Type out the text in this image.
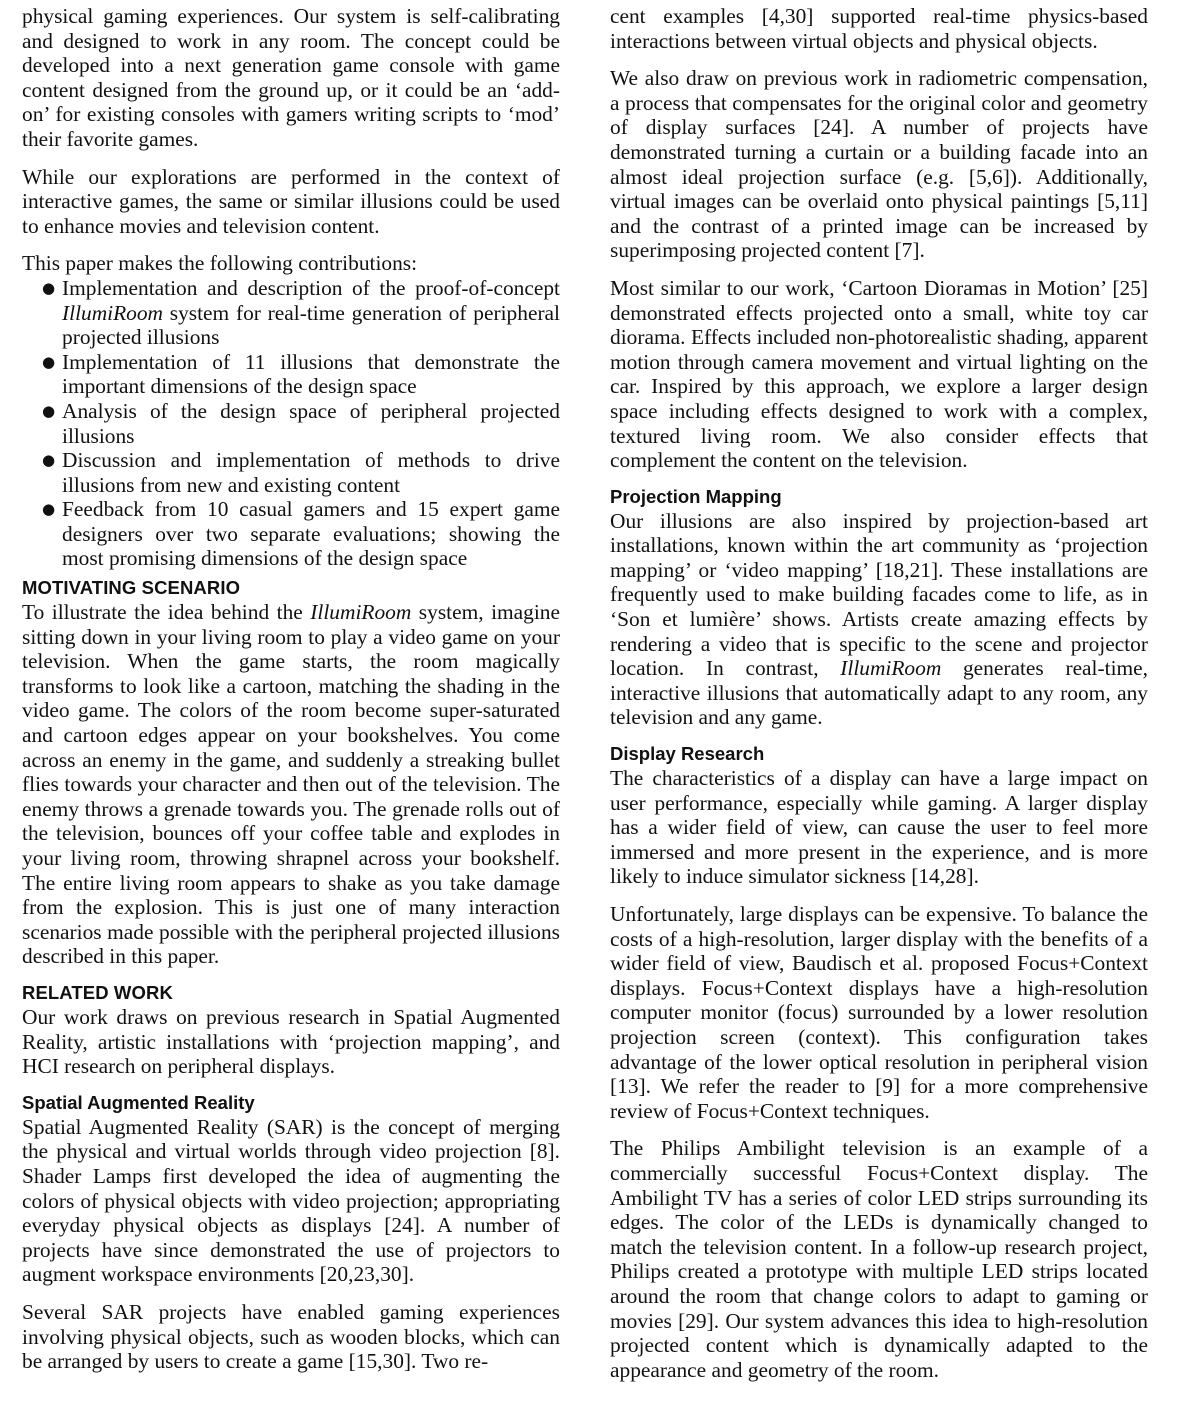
physical gaming experiences. Our system is self-calibrating and designed to work in any room. The concept could be developed into a next generation game console with game content designed from the ground up, or it could be an ‘add-on’ for existing consoles with gamers writing scripts to ‘mod’ their favorite games.

While our explorations are performed in the context of interactive games, the same or similar illusions could be used to enhance movies and television content.

This paper makes the following contributions:

● Implementation and description of the proof-of-concept IllumiRoom system for real-time generation of peripheral projected illusions
● Implementation of 11 illusions that demonstrate the important dimensions of the design space
● Analysis of the design space of peripheral projected illusions
● Discussion and implementation of methods to drive illusions from new and existing content
● Feedback from 10 casual gamers and 15 expert game designers over two separate evaluations; showing the most promising dimensions of the design space
MOTIVATING SCENARIO

To illustrate the idea behind the IllumiRoom system, imagine sitting down in your living room to play a video game on your television. When the game starts, the room magically transforms to look like a cartoon, matching the shading in the video game. The colors of the room become super-saturated and cartoon edges appear on your bookshelves. You come across an enemy in the game, and suddenly a streaking bullet flies towards your character and then out of the television. The enemy throws a grenade towards you. The grenade rolls out of the television, bounces off your coffee table and explodes in your living room, throwing shrapnel across your bookshelf. The entire living room appears to shake as you take damage from the explosion. This is just one of many interaction scenarios made possible with the peripheral projected illusions described in this paper.

RELATED WORK

Our work draws on previous research in Spatial Augmented Reality, artistic installations with ‘projection mapping’, and HCI research on peripheral displays.

Spatial Augmented Reality

Spatial Augmented Reality (SAR) is the concept of merging the physical and virtual worlds through video projection [8]. Shader Lamps first developed the idea of augmenting the colors of physical objects with video projection; appropriating everyday physical objects as displays [24]. A number of projects have since demonstrated the use of projectors to augment workspace environments [20,23,30].

Several SAR projects have enabled gaming experiences involving physical objects, such as wooden blocks, which can be arranged by users to create a game [15,30]. Two re-

cent examples [4,30] supported real-time physics-based interactions between virtual objects and physical objects.

We also draw on previous work in radiometric compensation, a process that compensates for the original color and geometry of display surfaces [24]. A number of projects have demonstrated turning a curtain or a building facade into an almost ideal projection surface (e.g. [5,6]). Additionally, virtual images can be overlaid onto physical paintings [5,11] and the contrast of a printed image can be increased by superimposing projected content [7].

Most similar to our work, ‘Cartoon Dioramas in Motion’ [25] demonstrated effects projected onto a small, white toy car diorama. Effects included non-photorealistic shading, apparent motion through camera movement and virtual lighting on the car. Inspired by this approach, we explore a larger design space including effects designed to work with a complex, textured living room. We also consider effects that complement the content on the television.

Projection Mapping

Our illusions are also inspired by projection-based art installations, known within the art community as ‘projection mapping’ or ‘video mapping’ [18,21]. These installations are frequently used to make building facades come to life, as in ‘Son et lumière’ shows. Artists create amazing effects by rendering a video that is specific to the scene and projector location. In contrast, IllumiRoom generates real-time, interactive illusions that automatically adapt to any room, any television and any game.

Display Research

The characteristics of a display can have a large impact on user performance, especially while gaming. A larger display has a wider field of view, can cause the user to feel more immersed and more present in the experience, and is more likely to induce simulator sickness [14,28].

Unfortunately, large displays can be expensive. To balance the costs of a high-resolution, larger display with the benefits of a wider field of view, Baudisch et al. proposed Focus+Context displays. Focus+Context displays have a high-resolution computer monitor (focus) surrounded by a lower resolution projection screen (context). This configuration takes advantage of the lower optical resolution in peripheral vision [13]. We refer the reader to [9] for a more comprehensive review of Focus+Context techniques.

The Philips Ambilight television is an example of a commercially successful Focus+Context display. The Ambilight TV has a series of color LED strips surrounding its edges. The color of the LEDs is dynamically changed to match the television content. In a follow-up research project, Philips created a prototype with multiple LED strips located around the room that change colors to adapt to gaming or movies [29]. Our system advances this idea to high-resolution projected content which is dynamically adapted to the appearance and geometry of the room.
